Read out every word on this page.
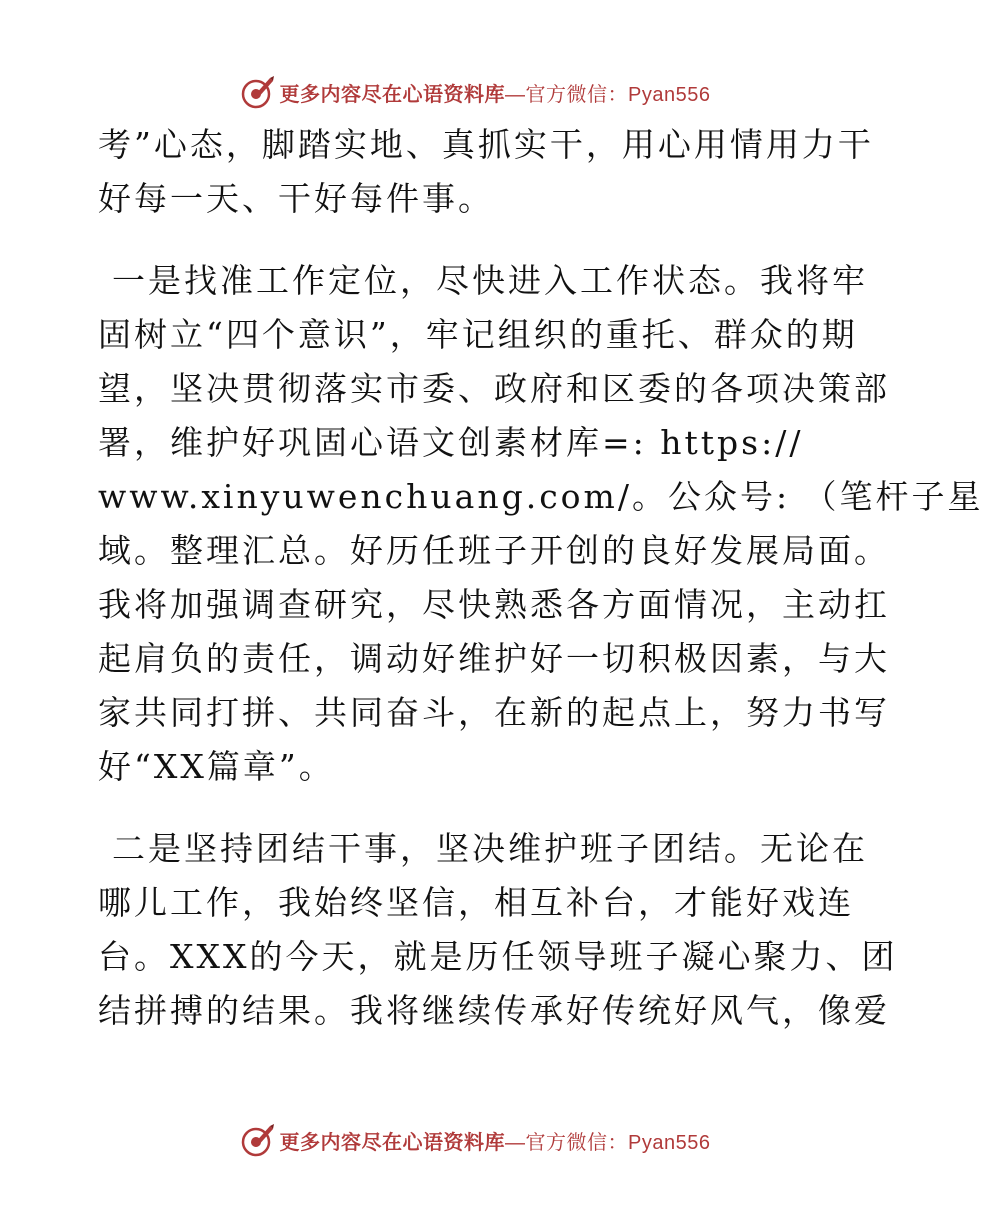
更多内容尽在心语资料库—官方微信：Pyan556
考”心态，脚踏实地、真抓实干，用心用情用力干
好每一天、干好每件事。
一是找准工作定位，尽快进入工作状态。我将牢
固树立“四个意识”，牢记组织的重托、群众的期
望，坚决贯彻落实市委、政府和区委的各项决策部
署，维护好巩固心语文创素材库=: https://
www.xinyuwenchuang.com/。公众号: （笔杆子星
域。整理汇总。好历任班子开创的良好发展局面。
我将加强调查研究，尽快熟悉各方面情况，主动扛
起肩负的责任，调动好维护好一切积极因素，与大
家共同打拼、共同奋斗，在新的起点上，努力书写
好“XX篇章”。
二是坚持团结干事，坚决维护班子团结。无论在
哪儿工作，我始终坚信，相互补台，才能好戏连
台。XXX的今天，就是历任领导班子凝心聚力、团
结拼搏的结果。我将继续传承好传统好风气，像爱
更多内容尽在心语资料库—官方微信：Pyan556
